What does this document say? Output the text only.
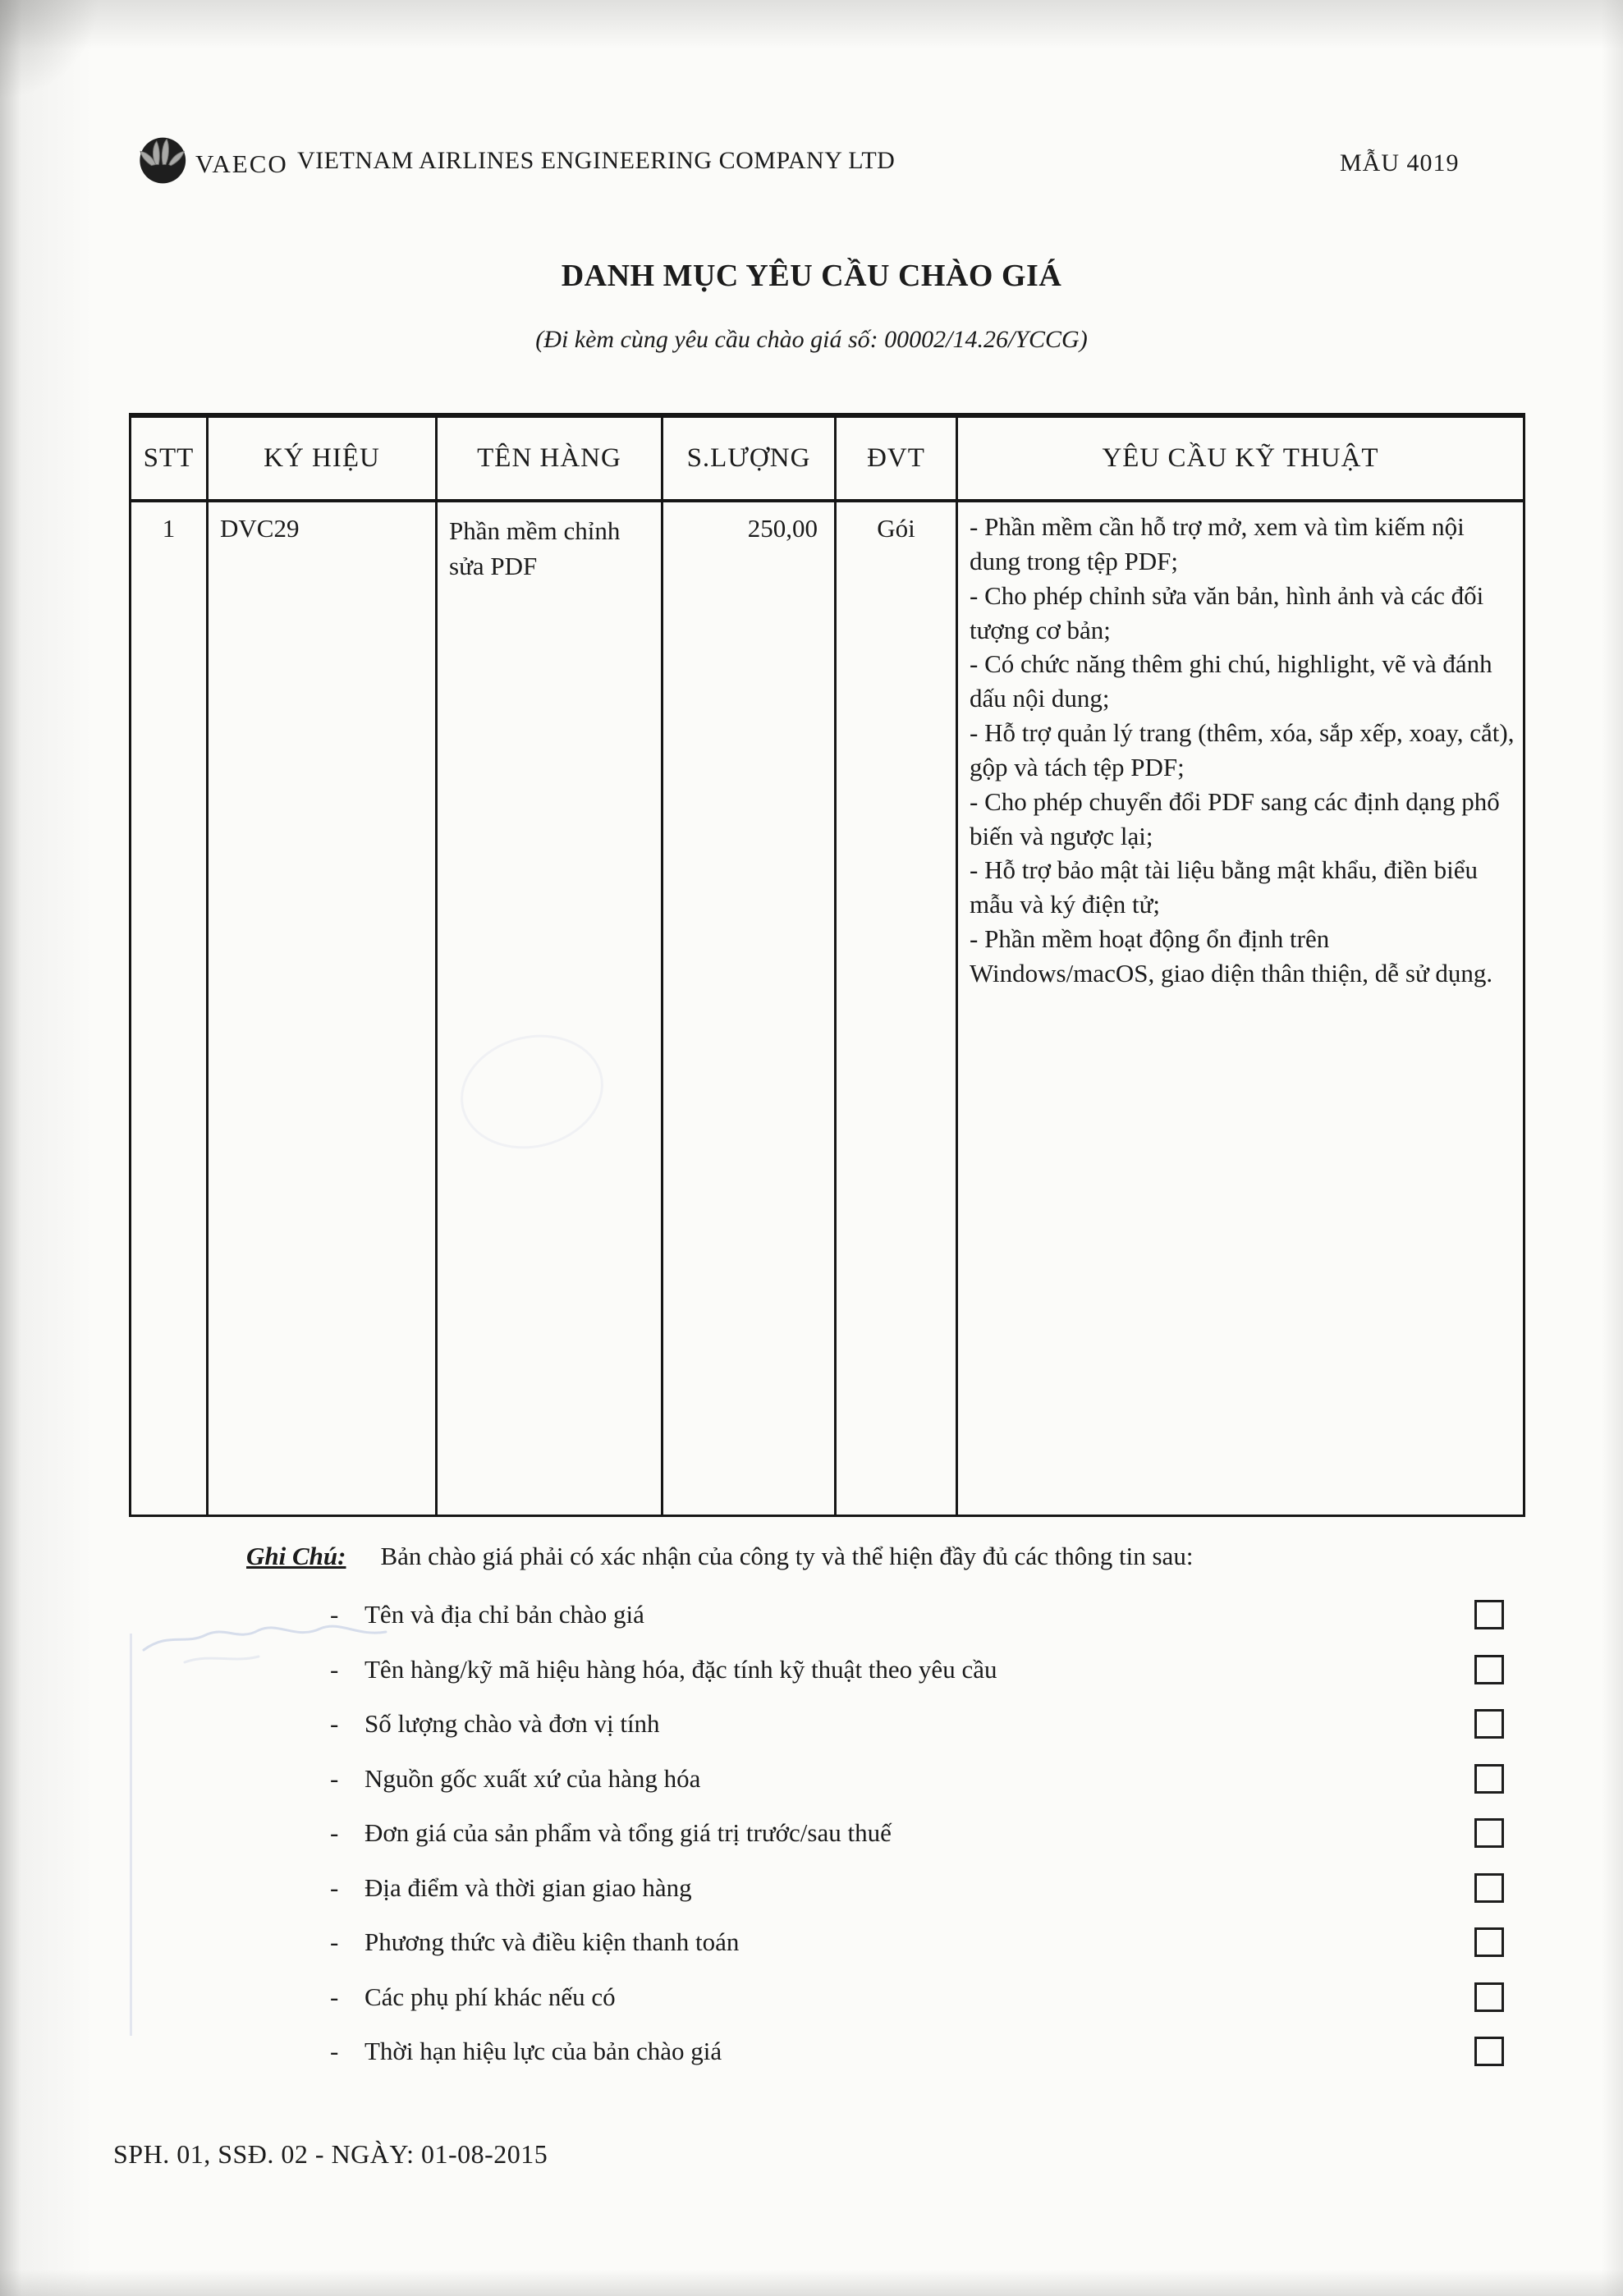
VAECO VIETNAM AIRLINES ENGINEERING COMPANY LTD	MẪU 4019
DANH MỤC YÊU CẦU CHÀO GIÁ
(Đi kèm cùng yêu cầu chào giá số: 00002/14.26/YCCG)
STT	KÝ HIỆU	TÊN HÀNG	S.LƯỢNG	ĐVT	YÊU CẦU KỸ THUẬT
1	DVC29	Phần mềm chỉnh sửa PDF	250,00	Gói	- Phần mềm cần hỗ trợ mở, xem và tìm kiếm nội dung trong tệp PDF;
- Cho phép chỉnh sửa văn bản, hình ảnh và các đối tượng cơ bản;
- Có chức năng thêm ghi chú, highlight, vẽ và đánh dấu nội dung;
- Hỗ trợ quản lý trang (thêm, xóa, sắp xếp, xoay, cắt), gộp và tách tệp PDF;
- Cho phép chuyển đổi PDF sang các định dạng phổ biến và ngược lại;
- Hỗ trợ bảo mật tài liệu bằng mật khẩu, điền biểu mẫu và ký điện tử;
- Phần mềm hoạt động ổn định trên Windows/macOS, giao diện thân thiện, dễ sử dụng.
Ghi Chú: Bản chào giá phải có xác nhận của công ty và thể hiện đầy đủ các thông tin sau:
-	Tên và địa chỉ bản chào giá
-	Tên hàng/kỹ mã hiệu hàng hóa, đặc tính kỹ thuật theo yêu cầu
-	Số lượng chào và đơn vị tính
-	Nguồn gốc xuất xứ của hàng hóa
-	Đơn giá của sản phẩm và tổng giá trị trước/sau thuế
-	Địa điểm và thời gian giao hàng
-	Phương thức và điều kiện thanh toán
-	Các phụ phí khác nếu có
-	Thời hạn hiệu lực của bản chào giá
SPH. 01, SSĐ. 02 - NGÀY: 01-08-2015
